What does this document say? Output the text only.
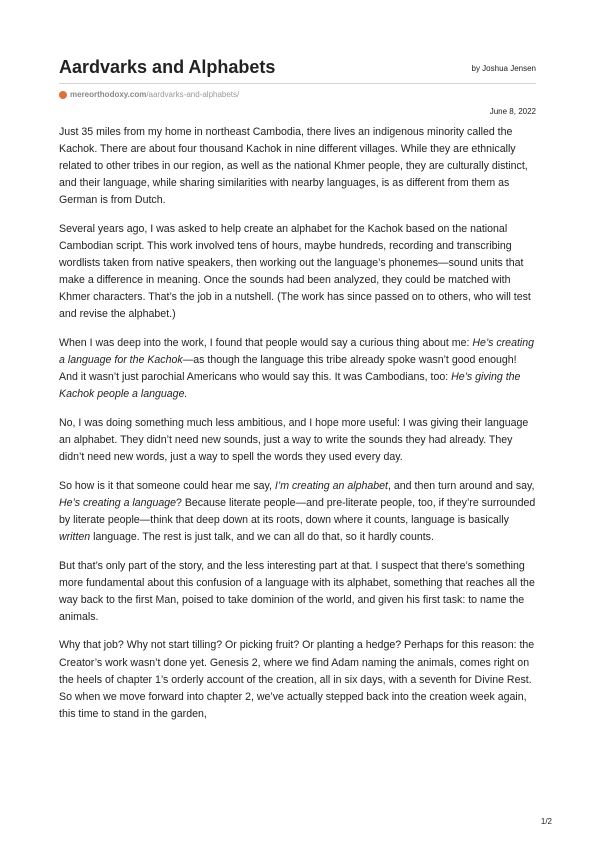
Aardvarks and Alphabets	by Joshua Jensen
mereorthodoxy.com /aardvarks-and-alphabets/
June 8, 2022

Just 35 miles from my home in northeast Cambodia, there lives an indigenous minority called the Kachok. There are about four thousand Kachok in nine different villages. While they are ethnically related to other tribes in our region, as well as the national Khmer people, they are culturally distinct, and their language, while sharing similarities with nearby languages, is as different from them as German is from Dutch.

Several years ago, I was asked to help create an alphabet for the Kachok based on the national Cambodian script. This work involved tens of hours, maybe hundreds, recording and transcribing wordlists taken from native speakers, then working out the language’s phonemes—sound units that make a difference in meaning. Once the sounds had been analyzed, they could be matched with Khmer characters. That’s the job in a nutshell. (The work has since passed on to others, who will test and revise the alphabet.)

When I was deep into the work, I found that people would say a curious thing about me: He’s creating a language for the Kachok—as though the language this tribe already spoke wasn’t good enough! And it wasn’t just parochial Americans who would say this. It was Cambodians, too: He’s giving the Kachok people a language.

No, I was doing something much less ambitious, and I hope more useful: I was giving their language an alphabet. They didn’t need new sounds, just a way to write the sounds they had already. They didn’t need new words, just a way to spell the words they used every day.

So how is it that someone could hear me say, I’m creating an alphabet, and then turn around and say, He’s creating a language? Because literate people—and pre-literate people, too, if they’re surrounded by literate people—think that deep down at its roots, down where it counts, language is basically written language. The rest is just talk, and we can all do that, so it hardly counts.

But that’s only part of the story, and the less interesting part at that. I suspect that there’s something more fundamental about this confusion of a language with its alphabet, something that reaches all the way back to the first Man, poised to take dominion of the world, and given his first task: to name the animals.

Why that job? Why not start tilling? Or picking fruit? Or planting a hedge? Perhaps for this reason: the Creator’s work wasn’t done yet. Genesis 2, where we find Adam naming the animals, comes right on the heels of chapter 1’s orderly account of the creation, all in six days, with a seventh for Divine Rest. So when we move forward into chapter 2, we’ve actually stepped back into the creation week again, this time to stand in the garden,

1/2
